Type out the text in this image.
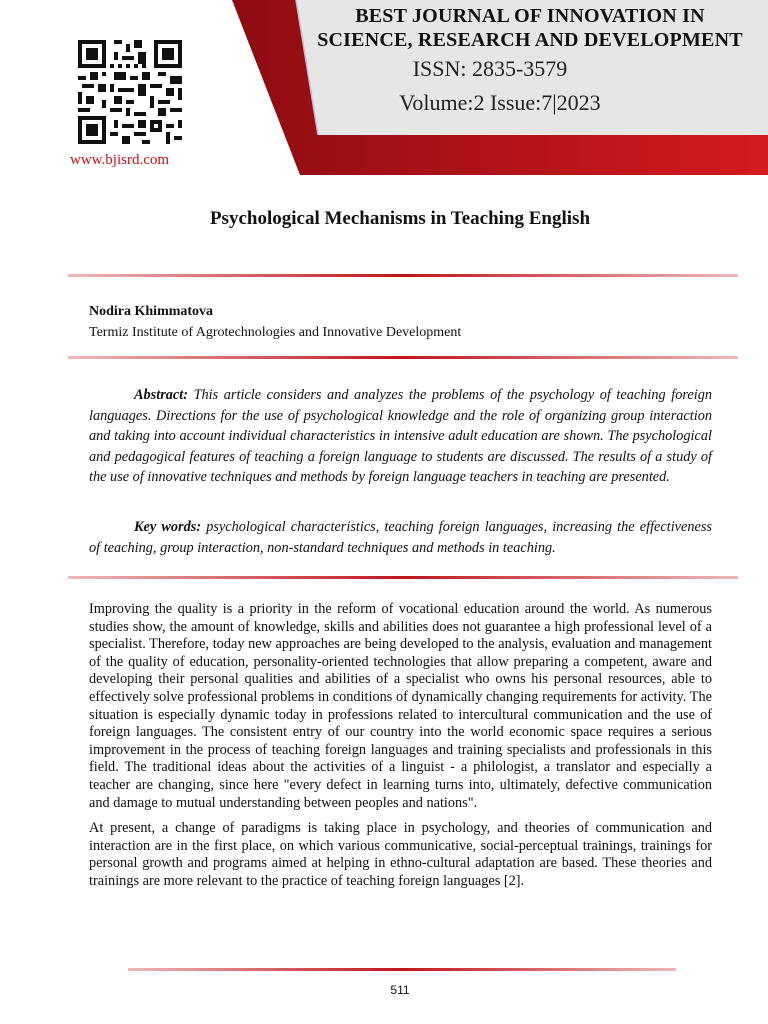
BEST JOURNAL OF INNOVATION IN
SCIENCE, RESEARCH AND DEVELOPMENT
ISSN: 2835-3579
Volume:2 Issue:7|2023
www.bjisrd.com
Psychological Mechanisms in Teaching English
Nodira Khimmatova
Termiz Institute of Agrotechnologies and Innovative Development

Abstract: This article considers and analyzes the problems of the psychology of teaching foreign languages. Directions for the use of psychological knowledge and the role of organizing group interaction and taking into account individual characteristics in intensive adult education are shown. The psychological and pedagogical features of teaching a foreign language to students are discussed. The results of a study of the use of innovative techniques and methods by foreign language teachers in teaching are presented.

Key words: psychological characteristics, teaching foreign languages, increasing the effectiveness of teaching, group interaction, non-standard techniques and methods in teaching.

Improving the quality is a priority in the reform of vocational education around the world. As numerous studies show, the amount of knowledge, skills and abilities does not guarantee a high professional level of a specialist. Therefore, today new approaches are being developed to the analysis, evaluation and management of the quality of education, personality-oriented technologies that allow preparing a competent, aware and developing their personal qualities and abilities of a specialist who owns his personal resources, able to effectively solve professional problems in conditions of dynamically changing requirements for activity. The situation is especially dynamic today in professions related to intercultural communication and the use of foreign languages. The consistent entry of our country into the world economic space requires a serious improvement in the process of teaching foreign languages and training specialists and professionals in this field. The traditional ideas about the activities of a linguist - a philologist, a translator and especially a teacher are changing, since here "every defect in learning turns into, ultimately, defective communication and damage to mutual understanding between peoples and nations".

At present, a change of paradigms is taking place in psychology, and theories of communication and interaction are in the first place, on which various communicative, social-perceptual trainings, trainings for personal growth and programs aimed at helping in ethno-cultural adaptation are based. These theories and trainings are more relevant to the practice of teaching foreign languages [2].

511
